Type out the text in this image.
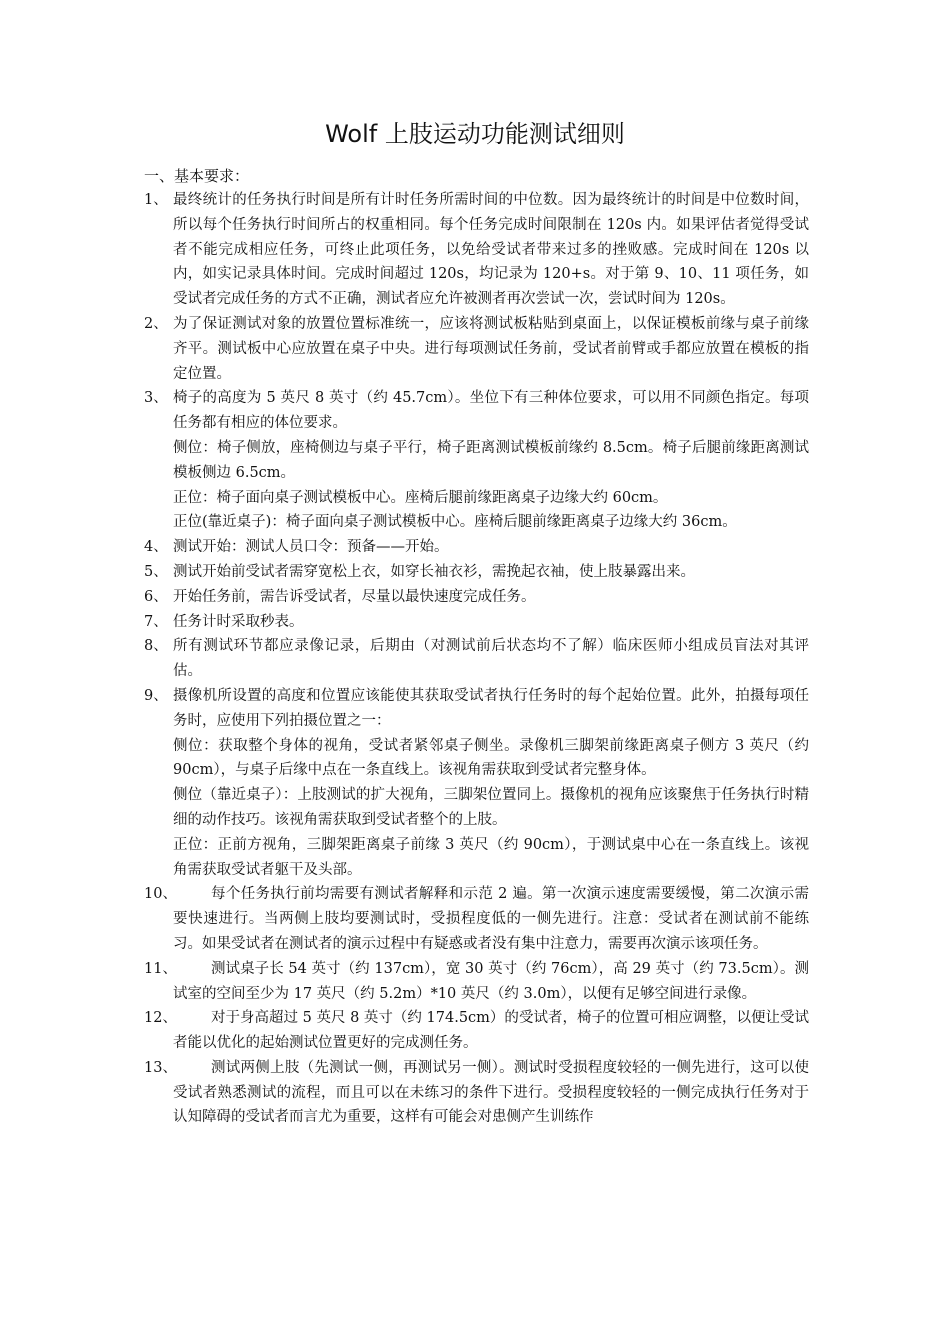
Wolf 上肢运动功能测试细则

一、基本要求：

1、 最终统计的任务执行时间是所有计时任务所需时间的中位数。因为最终统计的时间是中位数时间，所以每个任务执行时间所占的权重相同。每个任务完成时间限制在 120s 内。如果评估者觉得受试者不能完成相应任务，可终止此项任务，以免给受试者带来过多的挫败感。完成时间在 120s 以内，如实记录具体时间。完成时间超过 120s，均记录为 120+s。对于第 9、10、11 项任务，如受试者完成任务的方式不正确，测试者应允许被测者再次尝试一次，尝试时间为 120s。
2、 为了保证测试对象的放置位置标准统一，应该将测试板粘贴到桌面上，以保证模板前缘与桌子前缘齐平。测试板中心应放置在桌子中央。进行每项测试任务前，受试者前臂或手都应放置在模板的指定位置。
3、 椅子的高度为 5 英尺 8 英寸（约 45.7cm）。坐位下有三种体位要求，可以用不同颜色指定。每项任务都有相应的体位要求。
侧位：椅子侧放，座椅侧边与桌子平行，椅子距离测试模板前缘约 8.5cm。椅子后腿前缘距离测试模板侧边 6.5cm。
正位：椅子面向桌子测试模板中心。座椅后腿前缘距离桌子边缘大约 60cm。
正位(靠近桌子)：椅子面向桌子测试模板中心。座椅后腿前缘距离桌子边缘大约 36cm。
4、 测试开始：测试人员口令：预备——开始。
5、 测试开始前受试者需穿宽松上衣，如穿长袖衣衫，需挽起衣袖，使上肢暴露出来。
6、 开始任务前，需告诉受试者，尽量以最快速度完成任务。
7、 任务计时采取秒表。
8、 所有测试环节都应录像记录，后期由（对测试前后状态均不了解）临床医师小组成员盲法对其评估。
9、 摄像机所设置的高度和位置应该能使其获取受试者执行任务时的每个起始位置。此外，拍摄每项任务时，应使用下列拍摄位置之一：
侧位：获取整个身体的视角，受试者紧邻桌子侧坐。录像机三脚架前缘距离桌子侧方 3 英尺（约 90cm），与桌子后缘中点在一条直线上。该视角需获取到受试者完整身体。
侧位（靠近桌子）：上肢测试的扩大视角，三脚架位置同上。摄像机的视角应该聚焦于任务执行时精细的动作技巧。该视角需获取到受试者整个的上肢。
正位：正前方视角，三脚架距离桌子前缘 3 英尺（约 90cm），于测试桌中心在一条直线上。该视角需获取受试者躯干及头部。
10、	每个任务执行前均需要有测试者解释和示范 2 遍。第一次演示速度需要缓慢，第二次演示需要快速进行。当两侧上肢均要测试时，受损程度低的一侧先进行。注意：受试者在测试前不能练习。如果受试者在测试者的演示过程中有疑惑或者没有集中注意力，需要再次演示该项任务。
11、	测试桌子长 54 英寸（约 137cm），宽 30 英寸（约 76cm），高 29 英寸（约 73.5cm）。测试室的空间至少为 17 英尺（约 5.2m）*10 英尺（约 3.0m），以便有足够空间进行录像。
12、	对于身高超过 5 英尺 8 英寸（约 174.5cm）的受试者，椅子的位置可相应调整，以便让受试者能以优化的起始测试位置更好的完成测任务。
13、	测试两侧上肢（先测试一侧，再测试另一侧）。测试时受损程度较轻的一侧先进行，这可以使受试者熟悉测试的流程，而且可以在未练习的条件下进行。受损程度较轻的一侧完成执行任务对于认知障碍的受试者而言尤为重要，这样有可能会对患侧产生训练作
